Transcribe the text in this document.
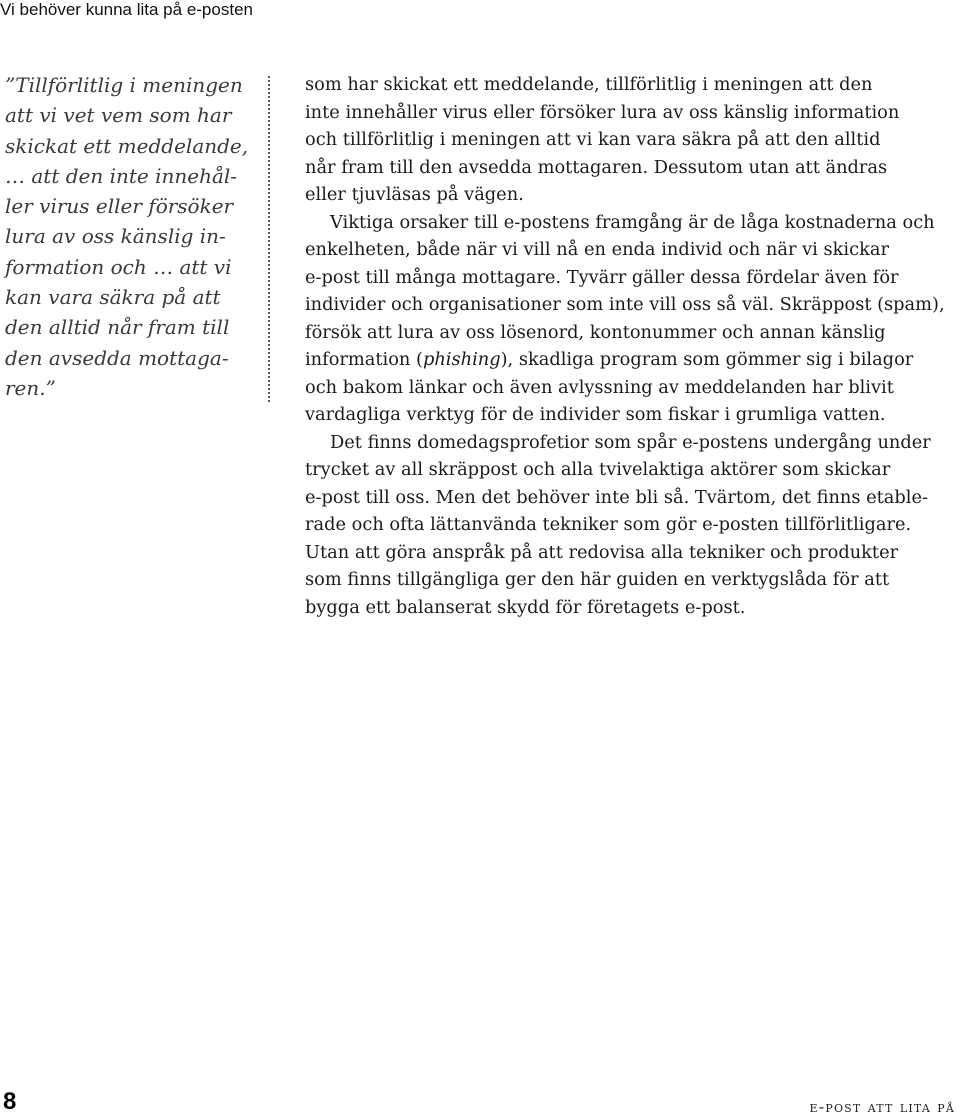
Vi behöver kunna lita på e-posten
”Tillförlitlig i meningen
att vi vet vem som har
skickat ett meddelande,
… att den inte innehål-
ler virus eller försöker
lura av oss känslig in-
formation och … att vi
kan vara säkra på att
den alltid når fram till
den avsedda mottaga-
ren.”

som har skickat ett meddelande, tillförlitlig i meningen att den
inte innehåller virus eller försöker lura av oss känslig information
och tillförlitlig i meningen att vi kan vara säkra på att den alltid
når fram till den avsedda mottagaren. Dessutom utan att ändras
eller tjuvläsas på vägen.

Viktiga orsaker till e-postens framgång är de låga kostnaderna och
enkelheten, både när vi vill nå en enda individ och när vi skickar
e-post till många mottagare. Tyvärr gäller dessa fördelar även för
individer och organisationer som inte vill oss så väl. Skräppost (spam),
försök att lura av oss lösenord, kontonummer och annan känslig
information (phishing), skadliga program som gömmer sig i bilagor
och bakom länkar och även avlyssning av meddelanden har blivit
vardagliga verktyg för de individer som fiskar i grumliga vatten.

Det finns domedagsprofetior som spår e-postens undergång under
trycket av all skräppost och alla tvivelaktiga aktörer som skickar
e-post till oss. Men det behöver inte bli så. Tvärtom, det finns etable-
rade och ofta lättanvända tekniker som gör e-posten tillförlitligare.
Utan att göra anspråk på att redovisa alla tekniker och produkter
som finns tillgängliga ger den här guiden en verktygslåda för att
bygga ett balanserat skydd för företagets e-post.

8	e-post att lita på
